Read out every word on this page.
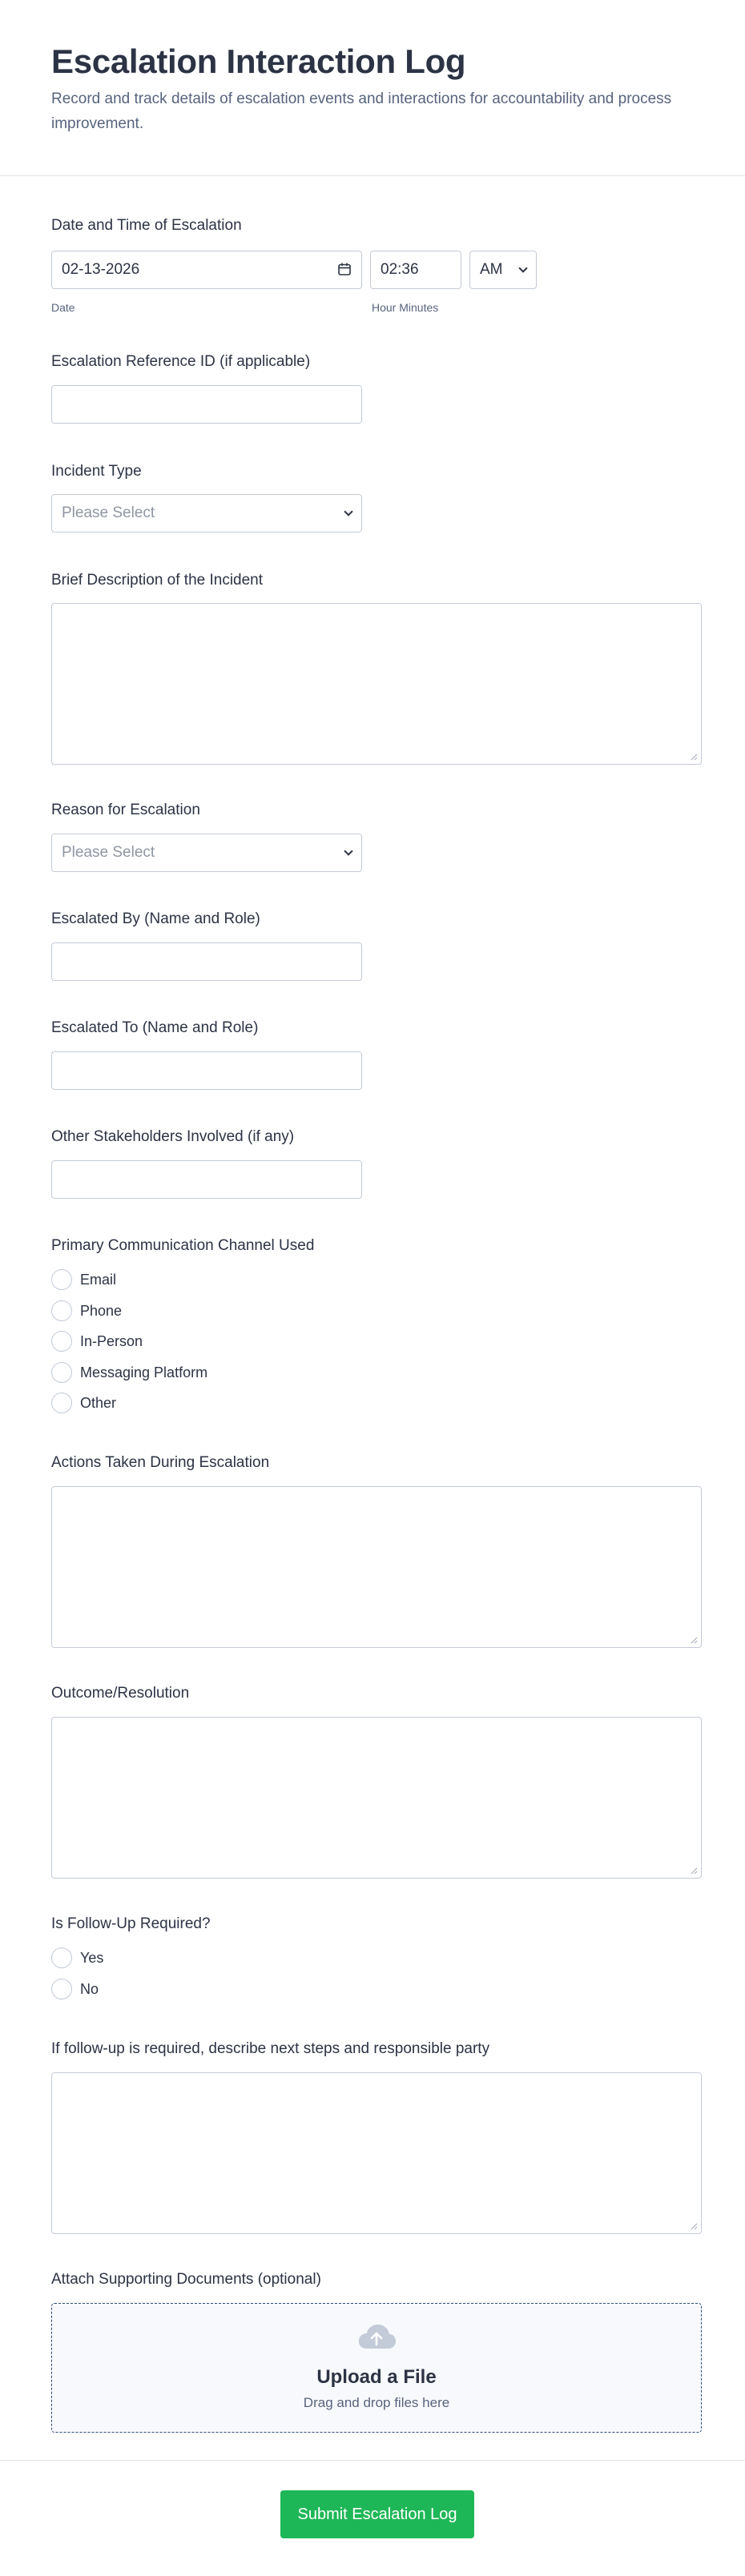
Escalation Interaction Log
Record and track details of escalation events and interactions for accountability and process improvement.
Date and Time of Escalation
02-13-2026
Date
02:36
Hour Minutes
AM
Escalation Reference ID (if applicable)
Incident Type
Please Select
Brief Description of the Incident
Reason for Escalation
Please Select
Escalated By (Name and Role)
Escalated To (Name and Role)
Other Stakeholders Involved (if any)
Primary Communication Channel Used
Email
Phone
In-Person
Messaging Platform
Other
Actions Taken During Escalation
Outcome/Resolution
Is Follow-Up Required?
Yes
No
If follow-up is required, describe next steps and responsible party
Attach Supporting Documents (optional)
Upload a File
Drag and drop files here
Submit Escalation Log
